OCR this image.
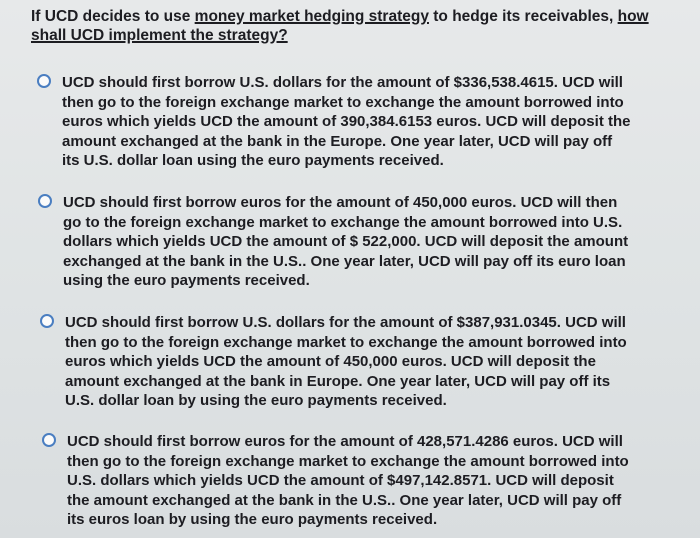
If UCD decides to use money market hedging strategy to hedge its receivables, how shall UCD implement the strategy?

UCD should first borrow U.S. dollars for the amount of $336,538.4615. UCD will then go to the foreign exchange market to exchange the amount borrowed into euros which yields UCD the amount of 390,384.6153 euros. UCD will deposit the amount exchanged at the bank in the Europe. One year later, UCD will pay off its U.S. dollar loan using the euro payments received.
UCD should first borrow euros for the amount of 450,000 euros. UCD will then go to the foreign exchange market to exchange the amount borrowed into U.S. dollars which yields UCD the amount of $ 522,000. UCD will deposit the amount exchanged at the bank in the U.S.. One year later, UCD will pay off its euro loan using the euro payments received.
UCD should first borrow U.S. dollars for the amount of $387,931.0345. UCD will then go to the foreign exchange market to exchange the amount borrowed into euros which yields UCD the amount of 450,000 euros. UCD will deposit the amount exchanged at the bank in Europe. One year later, UCD will pay off its U.S. dollar loan by using the euro payments received.
UCD should first borrow euros for the amount of 428,571.4286 euros. UCD will then go to the foreign exchange market to exchange the amount borrowed into U.S. dollars which yields UCD the amount of $497,142.8571. UCD will deposit the amount exchanged at the bank in the U.S.. One year later, UCD will pay off its euros loan by using the euro payments received.
